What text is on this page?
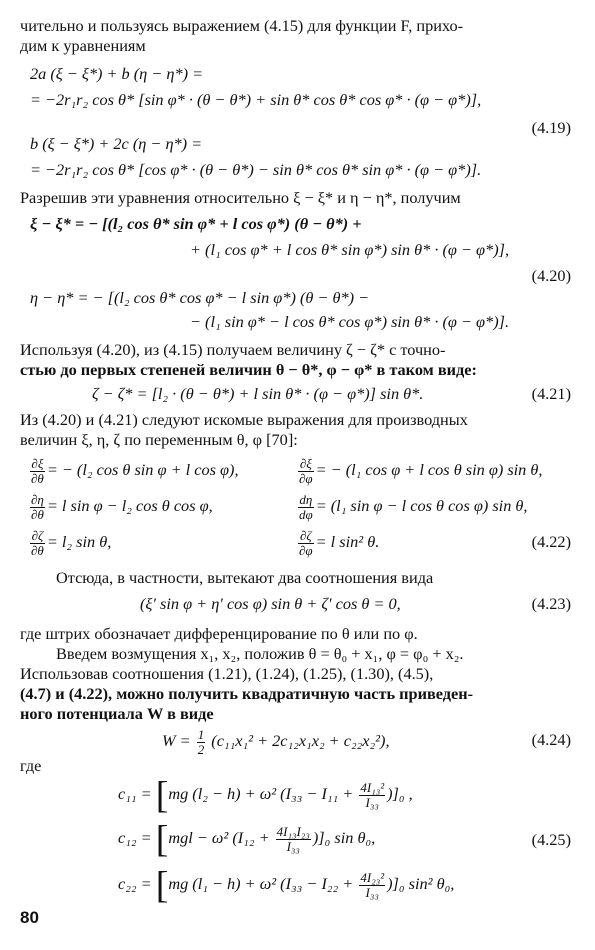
чительно и пользуясь выражением (4.15) для функции F, прихо-
дим к уравнениям
2a (ξ − ξ*) + b (η − η*) =
= −2r₁r₂ cos θ* [sin φ* · (θ − θ*) + sin θ* cos θ* cos φ* · (φ − φ*)],
(4.19)
b (ξ − ξ*) + 2c (η − η*) =
= −2r₁r₂ cos θ* [cos φ* · (θ − θ*) − sin θ* cos θ* sin φ* · (φ − φ*)].
Разрешив эти уравнения относительно ξ − ξ* и η − η*, получим
ξ − ξ* = − [(l₂ cos θ* sin φ* + l cos φ*) (θ − θ*) +
+ (l₁ cos φ* + l cos θ* sin φ*) sin θ* · (φ − φ*)],
(4.20)
η − η* = − [(l₂ cos θ* cos φ* − l sin φ*) (θ − θ*) −
− (l₁ sin φ* − l cos θ* cos φ*) sin θ* · (φ − φ*)].
Используя (4.20), из (4.15) получаем величину ζ − ζ* с точно-
стью до первых степеней величин θ − θ*, φ − φ* в таком виде:
ζ − ζ* = [l₂ · (θ − θ*) + l sin θ* · (φ − φ*)] sin θ*.	(4.21)
Из (4.20) и (4.21) следуют искомые выражения для производных
величин ξ, η, ζ по переменным θ, φ [70]:
$\frac{\partial\xi}{\partial\theta}$ = − (l₂ cos θ sin φ + l cos φ),	$\frac{\partial\xi}{\partial\varphi}$ = − (l₁ cos φ + l cos θ sin φ) sin θ,
$\frac{\partial\eta}{\partial\theta} = l$ sin φ − l₂ cos θ cos φ,	$\frac{d\eta}{d\varphi} = (l_1$ sin φ − l cos θ cos φ) sin θ,
$\frac{\partial\zeta}{\partial\theta} = l_2$ sin θ,	$\frac{\partial\zeta}{\partial\varphi} = l$ sin² θ.	(4.22)
Отсюда, в частности, вытекают два соотношения вида
(ξ′ sin φ + η′ cos φ) sin θ + ζ′ cos θ = 0,	(4.23)
где штрих обозначает дифференцирование по θ или по φ.
Введем возмущения x₁, x₂, положив θ = θ₀ + x₁, φ = φ₀ + x₂.
Использовав соотношения (1.21), (1.24), (1.25), (1.30), (4.5),
(4.7) и (4.22), можно получить квадратичную часть приведен-
ного потенциала W в виде
$W = \frac{1}{2} (c_{11}x_1^2 + 2c_{12}x_1x_2 + c_{22}x_2^2)$,	(4.24)
где
c₁₁ = [mg (l₂ − h) + ω² $(I_{33} - I_{11} + \frac{\text{4I₁₃²}}{\text{I₃₃}} )]_0$ ,
c₁₂ = [mgl − ω² $(I_{12} + \frac{\text{4I₁₃I₂₃}}{\text{I₃₃}} )]_0$ sin θ₀,	(4.25)
c₂₂ = [mg (l₁ − h) + ω² $(I_{33} - I_{22} + \frac{\text{4I₂₃²}}{\text{I₃₃}} )]_0$ sin² θ₀,
80
